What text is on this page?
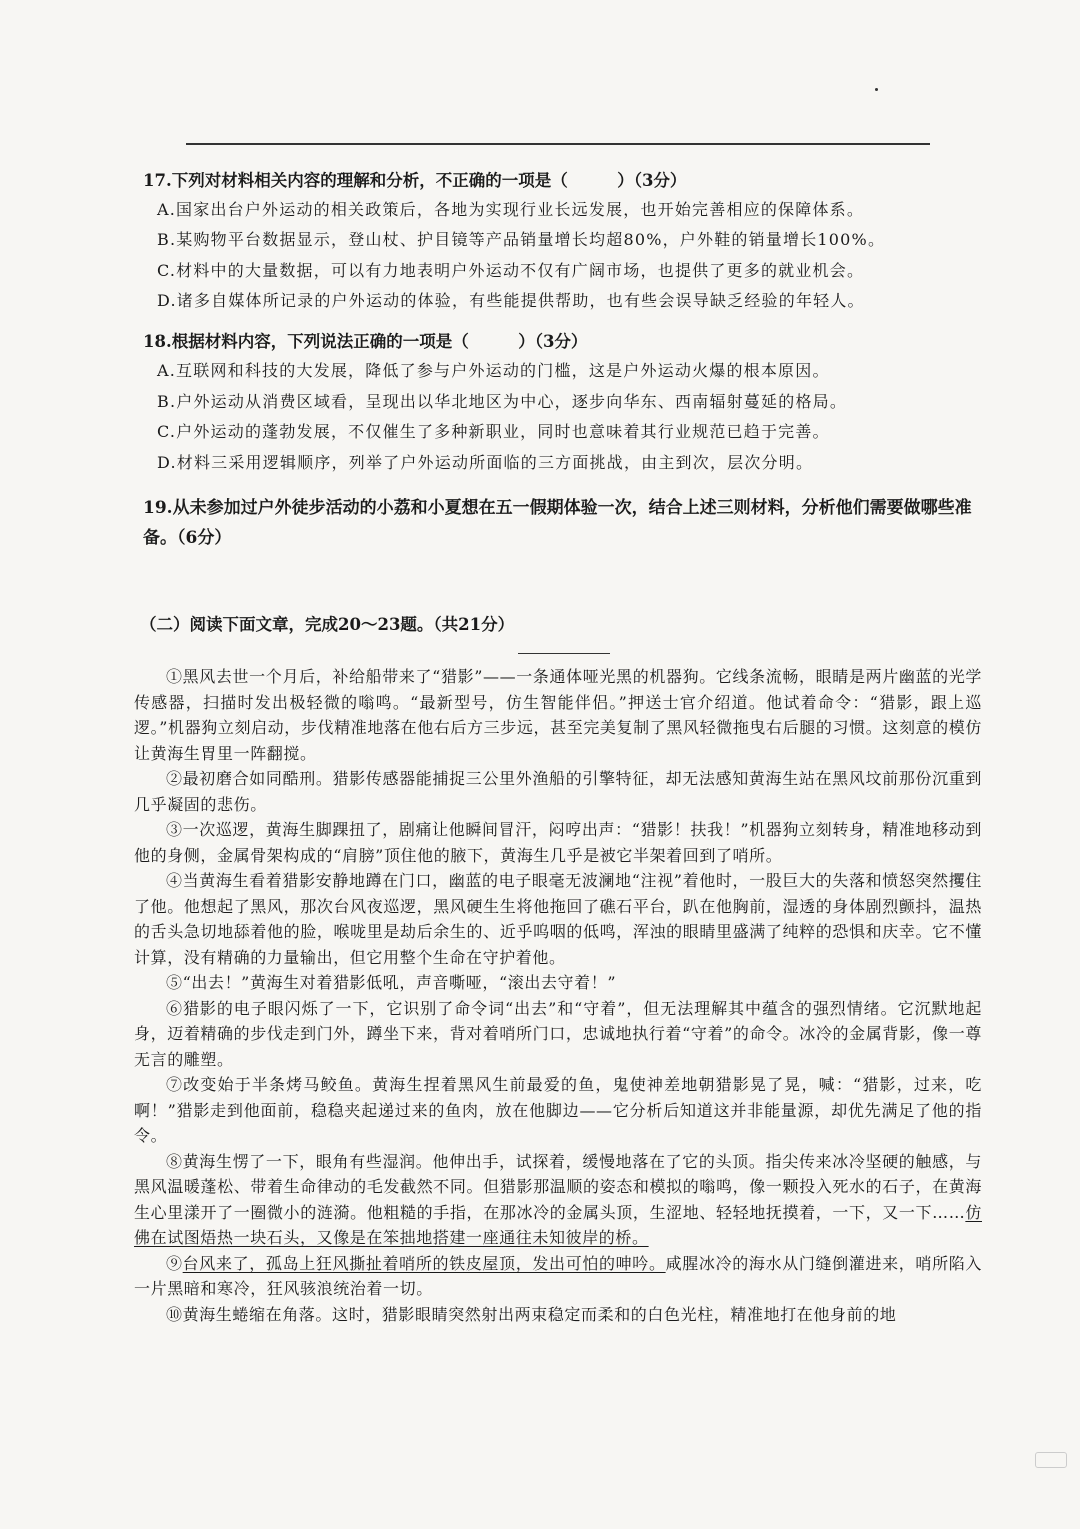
17.下列对材料相关内容的理解和分析，不正确的一项是（　　　）（3分）
A.国家出台户外运动的相关政策后，各地为实现行业长远发展，也开始完善相应的保障体系。
B.某购物平台数据显示，登山杖、护目镜等产品销量增长均超80%，户外鞋的销量增长100%。
C.材料中的大量数据，可以有力地表明户外运动不仅有广阔市场，也提供了更多的就业机会。
D.诸多自媒体所记录的户外运动的体验，有些能提供帮助，也有些会误导缺乏经验的年轻人。
18.根据材料内容，下列说法正确的一项是（　　　）（3分）
A.互联网和科技的大发展，降低了参与户外运动的门槛，这是户外运动火爆的根本原因。
B.户外运动从消费区域看，呈现出以华北地区为中心，逐步向华东、西南辐射蔓延的格局。
C.户外运动的蓬勃发展，不仅催生了多种新职业，同时也意味着其行业规范已趋于完善。
D.材料三采用逻辑顺序，列举了户外运动所面临的三方面挑战，由主到次，层次分明。
19.从未参加过户外徒步活动的小荔和小夏想在五一假期体验一次，结合上述三则材料，分析他们需要做哪些准备。（6分）
（二）阅读下面文章，完成20～23题。（共21分）

①黑风去世一个月后，补给船带来了“猎影”——一条通体哑光黑的机器狗。它线条流畅，眼睛是两片幽蓝的光学传感器，扫描时发出极轻微的嗡鸣。“最新型号，仿生智能伴侣。”押送士官介绍道。他试着命令：“猎影，跟上巡逻。”机器狗立刻启动，步伐精准地落在他右后方三步远，甚至完美复制了黑风轻微拖曳右后腿的习惯。这刻意的模仿让黄海生胃里一阵翻搅。

②最初磨合如同酷刑。猎影传感器能捕捉三公里外渔船的引擎特征，却无法感知黄海生站在黑风坟前那份沉重到几乎凝固的悲伤。

③一次巡逻，黄海生脚踝扭了，剧痛让他瞬间冒汗，闷哼出声：“猎影！扶我！”机器狗立刻转身，精准地移动到他的身侧，金属骨架构成的“肩膀”顶住他的腋下，黄海生几乎是被它半架着回到了哨所。

④当黄海生看着猎影安静地蹲在门口，幽蓝的电子眼毫无波澜地“注视”着他时，一股巨大的失落和愤怒突然攫住了他。他想起了黑风，那次台风夜巡逻，黑风硬生生将他拖回了礁石平台，趴在他胸前，湿透的身体剧烈颤抖，温热的舌头急切地舔着他的脸，喉咙里是劫后余生的、近乎呜咽的低鸣，浑浊的眼睛里盛满了纯粹的恐惧和庆幸。它不懂计算，没有精确的力量输出，但它用整个生命在守护着他。

⑤“出去！”黄海生对着猎影低吼，声音嘶哑，“滚出去守着！”

⑥猎影的电子眼闪烁了一下，它识别了命令词“出去”和“守着”，但无法理解其中蕴含的强烈情绪。它沉默地起身，迈着精确的步伐走到门外，蹲坐下来，背对着哨所门口，忠诚地执行着“守着”的命令。冰冷的金属背影，像一尊无言的雕塑。

⑦改变始于半条烤马鲛鱼。黄海生捏着黑风生前最爱的鱼，鬼使神差地朝猎影晃了晃，喊：“猎影，过来，吃啊！”猎影走到他面前，稳稳夹起递过来的鱼肉，放在他脚边——它分析后知道这并非能量源，却优先满足了他的指令。

⑧黄海生愣了一下，眼角有些湿润。他伸出手，试探着，缓慢地落在了它的头顶。指尖传来冰冷坚硬的触感，与黑风温暖蓬松、带着生命律动的毛发截然不同。但猎影那温顺的姿态和模拟的嗡鸣，像一颗投入死水的石子，在黄海生心里漾开了一圈微小的涟漪。他粗糙的手指，在那冰冷的金属头顶，生涩地、轻轻地抚摸着，一下，又一下……仿佛在试图焐热一块石头，又像是在笨拙地搭建一座通往未知彼岸的桥。

⑨台风来了，孤岛上狂风撕扯着哨所的铁皮屋顶，发出可怕的呻吟。咸腥冰冷的海水从门缝倒灌进来，哨所陷入一片黑暗和寒冷，狂风骇浪统治着一切。

⑩黄海生蜷缩在角落。这时，猎影眼睛突然射出两束稳定而柔和的白色光柱，精准地打在他身前的地
